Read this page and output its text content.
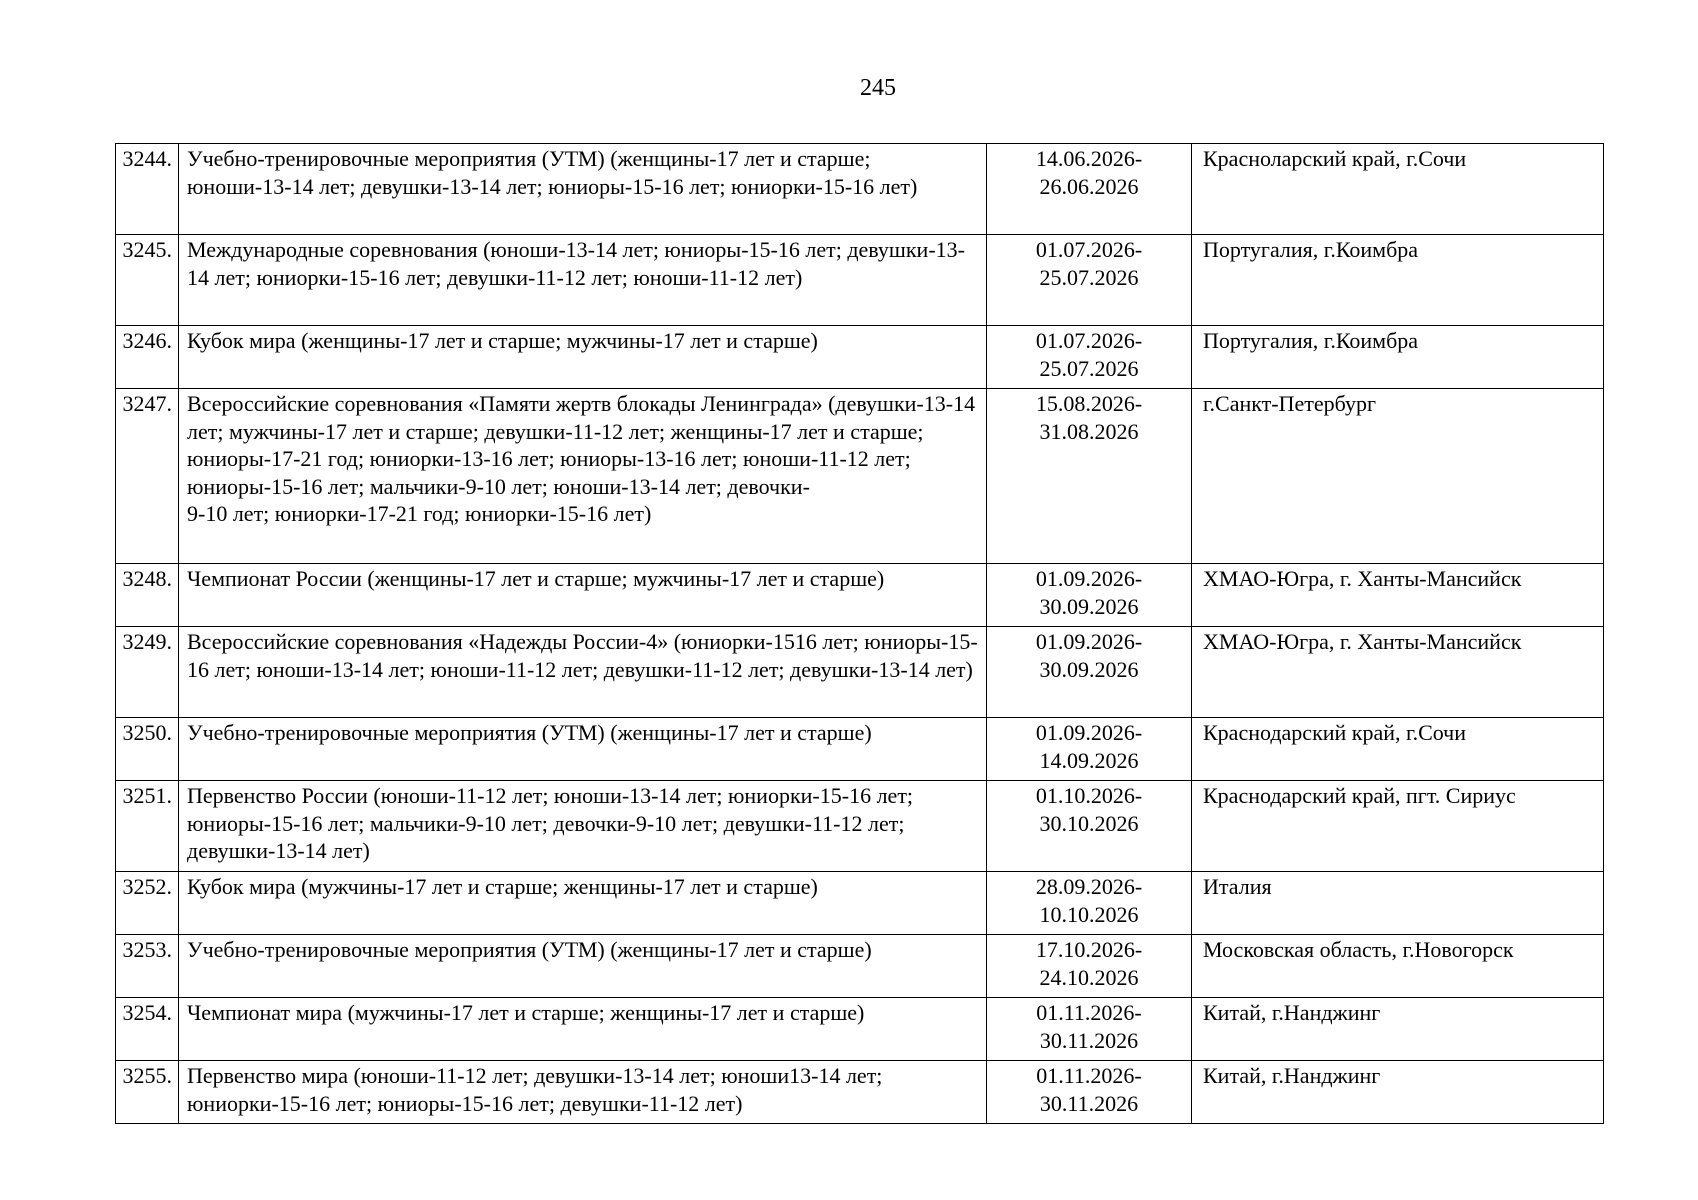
245
3244.	Учебно-тренировочные мероприятия (УТМ) (женщины-17 лет и старше; юноши-13-14 лет; девушки-13-14 лет; юниоры-15-16 лет; юниорки-15-16 лет)	14.06.2026-
26.06.2026	Красноларский край, г.Сочи
3245.	Международные соревнования (юноши-13-14 лет; юниоры-15-16 лет; девушки-13-14 лет; юниорки-15-16 лет; девушки-11-12 лет; юноши-11-12 лет)	01.07.2026-
25.07.2026	Португалия, г.Коимбра
3246.	Кубок мира (женщины-17 лет и старше; мужчины-17 лет и старше)	01.07.2026-
25.07.2026	Португалия, г.Коимбра
3247.	Всероссийские соревнования «Памяти жертв блокады Ленинграда» (девушки-13-14 лет; мужчины-17 лет и старше; девушки-11-12 лет; женщины-17 лет и старше; юниоры-17-21 год; юниорки-13-16 лет; юниоры-13-16 лет; юноши-11-12 лет; юниоры-15-16 лет; мальчики-9-10 лет; юноши-13-14 лет; девочки-
9-10 лет; юниорки-17-21 год; юниорки-15-16 лет)	15.08.2026-
31.08.2026	г.Санкт-Петербург
3248.	Чемпионат России (женщины-17 лет и старше; мужчины-17 лет и старше)	01.09.2026-
30.09.2026	ХМАО-Югра, г. Ханты-Мансийск
3249.	Всероссийские соревнования «Надежды России-4» (юниорки-1516 лет; юниоры-15-16 лет; юноши-13-14 лет; юноши-11-12 лет; девушки-11-12 лет; девушки-13-14 лет)	01.09.2026-
30.09.2026	ХМАО-Югра, г. Ханты-Мансийск
3250.	Учебно-тренировочные мероприятия (УТМ) (женщины-17 лет и старше)	01.09.2026-
14.09.2026	Краснодарский край, г.Сочи
3251.	Первенство России (юноши-11-12 лет; юноши-13-14 лет; юниорки-15-16 лет; юниоры-15-16 лет; мальчики-9-10 лет; девочки-9-10 лет; девушки-11-12 лет; девушки-13-14 лет)	01.10.2026-
30.10.2026	Краснодарский край, пгт. Сириус
3252.	Кубок мира (мужчины-17 лет и старше; женщины-17 лет и старше)	28.09.2026-
10.10.2026	Италия
3253.	Учебно-тренировочные мероприятия (УТМ) (женщины-17 лет и старше)	17.10.2026-
24.10.2026	Московская область, г.Новогорск
3254.	Чемпионат мира (мужчины-17 лет и старше; женщины-17 лет и старше)	01.11.2026-
30.11.2026	Китай, г.Нанджинг
3255.	Первенство мира (юноши-11-12 лет; девушки-13-14 лет; юноши13-14 лет; юниорки-15-16 лет; юниоры-15-16 лет; девушки-11-12 лет)	01.11.2026-
30.11.2026	Китай, г.Нанджинг
